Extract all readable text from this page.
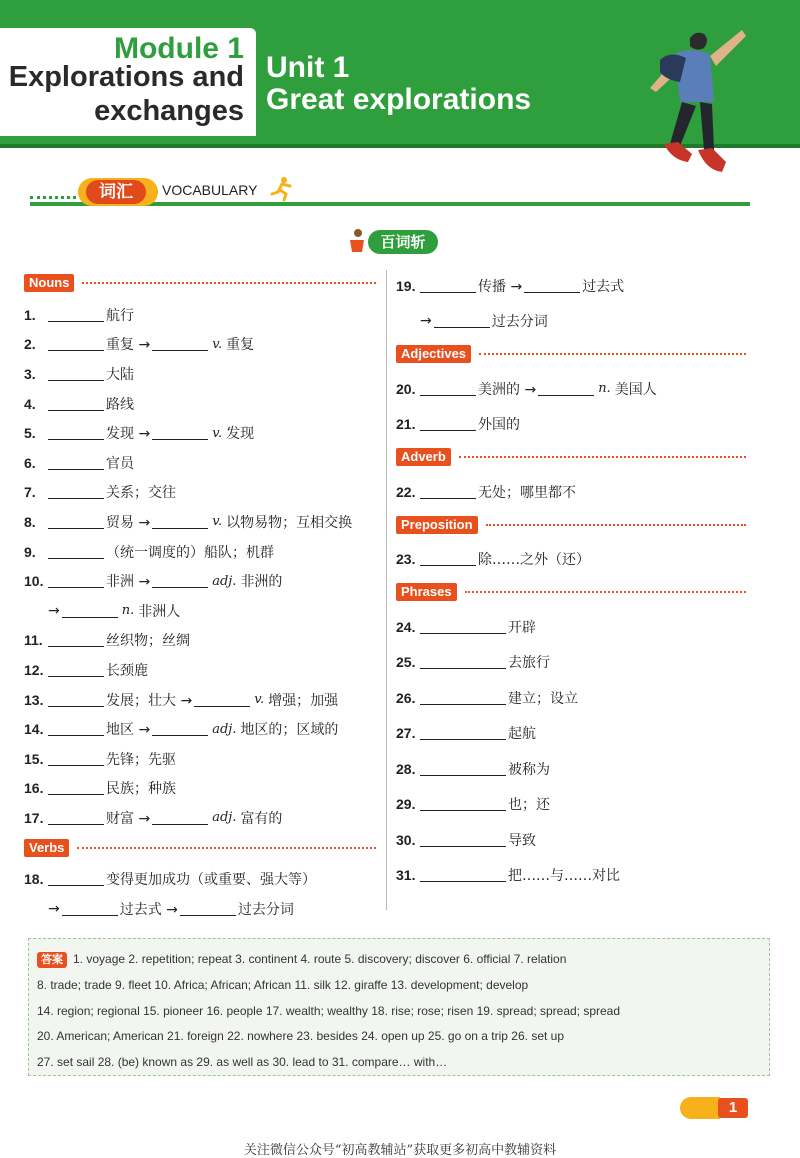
Module 1
Explorations and
exchanges
Unit 1
Great explorations
词汇	VOCABULARY
百词斩
Nouns
1.	航行
2.	重复 →	v. 重复
3.	大陆
4.	路线
5.	发现 →	v. 发现
6.	官员
7.	关系；交往
8.	贸易 →	v. 以物易物；互相交换
9.	（统一调度的）船队；机群
10.	非洲 →	adj. 非洲的
→	n. 非洲人
11.	丝织物；丝绸
12.	长颈鹿
13.	发展；壮大 →	v. 增强；加强
14.	地区 →	adj. 地区的；区域的
15.	先锋；先驱
16.	民族；种族
17.	财富 →	adj. 富有的
Verbs
18.	变得更加成功（或重要、强大等）
→	过去式 →	过去分词
19.	传播 →	过去式
→	过去分词
Adjectives
20.	美洲的 →	n. 美国人
21.	外国的
Adverb
22.	无处；哪里都不
Preposition
23.	除……之外（还）
Phrases
24.	开辟
25.	去旅行
26.	建立；设立
27.	起航
28.	被称为
29.	也；还
30.	导致
31.	把……与……对比
答案 1. voyage 2. repetition; repeat 3. continent 4. route 5. discovery; discover 6. official 7. relation
8. trade; trade 9. fleet 10. Africa; African; African 11. silk 12. giraffe 13. development; develop
14. region; regional 15. pioneer 16. people 17. wealth; wealthy 18. rise; rose; risen 19. spread; spread; spread
20. American; American 21. foreign 22. nowhere 23. besides 24. open up 25. go on a trip 26. set up
27. set sail 28. (be) known as 29. as well as 30. lead to 31. compare… with…
1
关注微信公众号“初高教辅站”获取更多初高中教辅资料
